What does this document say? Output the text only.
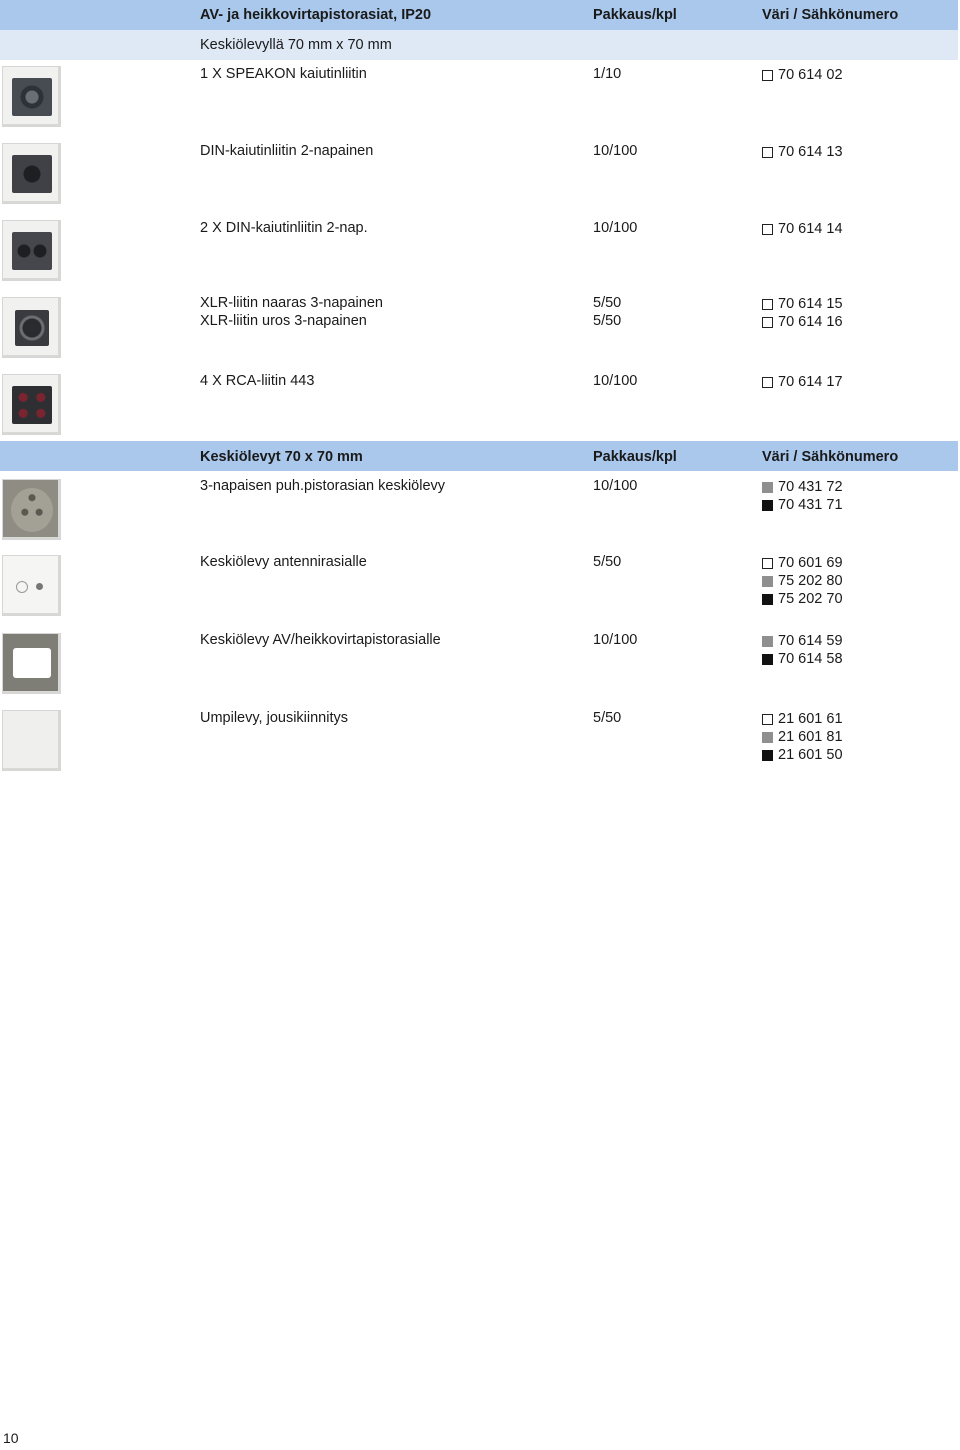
AV- ja heikkovirtapistorasiat, IP20	Pakkaus/kpl	Väri / Sähkönumero
Keskiölevyllä 70 mm x 70 mm
1 X SPEAKON kaiutinliitin	1/10	70 614 02
DIN-kaiutinliitin 2-napainen	10/100	70 614 13
2 X DIN-kaiutinliitin 2-nap.	10/100	70 614 14
XLR-liitin naaras 3-napainen	5/50	70 614 15
XLR-liitin uros 3-napainen	5/50	70 614 16
4 X RCA-liitin 443	10/100	70 614 17
Keskiölevyt 70 x 70 mm	Pakkaus/kpl	Väri / Sähkönumero
3-napaisen puh.pistorasian keskiölevy	10/100	70 431 72
70 431 71
Keskiölevy antennirasialle	5/50	70 601 69
75 202 80
75 202 70
Keskiölevy AV/heikkovirtapistorasialle	10/100	70 614 59
70 614 58
Umpilevy, jousikiinnitys	5/50	21 601 61
21 601 81
21 601 50
10
